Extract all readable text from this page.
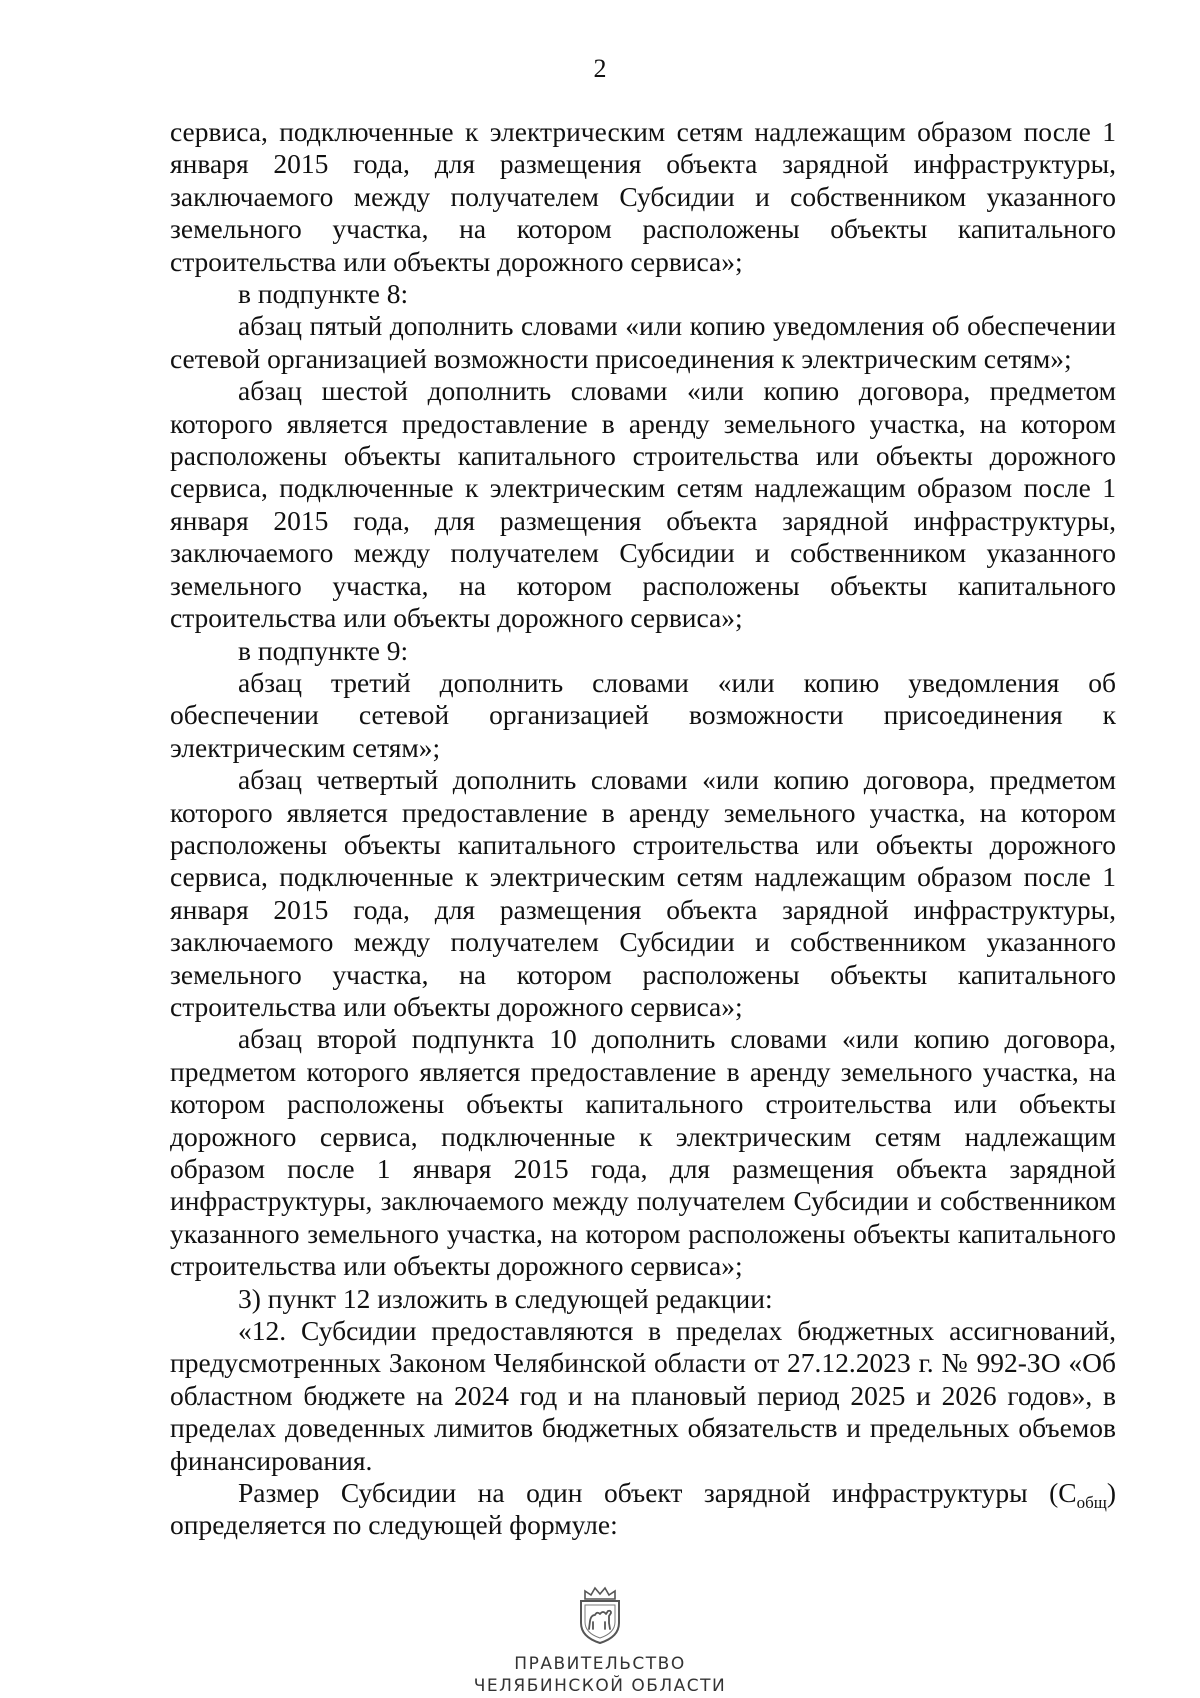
2

сервиса, подключенные к электрическим сетям надлежащим образом после 1 января 2015 года, для размещения объекта зарядной инфраструктуры, заключаемого между получателем Субсидии и собственником указанного земельного участка, на котором расположены объекты капитального строительства или объекты дорожного сервиса»;

в подпункте 8:

абзац пятый дополнить словами «или копию уведомления об обеспечении сетевой организацией возможности присоединения к электрическим сетям»;

абзац шестой дополнить словами «или копию договора, предметом которого является предоставление в аренду земельного участка, на котором расположены объекты капитального строительства или объекты дорожного сервиса, подключенные к электрическим сетям надлежащим образом после 1 января 2015 года, для размещения объекта зарядной инфраструктуры, заключаемого между получателем Субсидии и собственником указанного земельного участка, на котором расположены объекты капитального строительства или объекты дорожного сервиса»;

в подпункте 9:

абзац третий дополнить словами «или копию уведомления об обеспечении сетевой организацией возможности присоединения к электрическим сетям»;

абзац четвертый дополнить словами «или копию договора, предметом которого является предоставление в аренду земельного участка, на котором расположены объекты капитального строительства или объекты дорожного сервиса, подключенные к электрическим сетям надлежащим образом после 1 января 2015 года, для размещения объекта зарядной инфраструктуры, заключаемого между получателем Субсидии и собственником указанного земельного участка, на котором расположены объекты капитального строительства или объекты дорожного сервиса»;

абзац второй подпункта 10 дополнить словами «или копию договора, предметом которого является предоставление в аренду земельного участка, на котором расположены объекты капитального строительства или объекты дорожного сервиса, подключенные к электрическим сетям надлежащим образом после 1 января 2015 года, для размещения объекта зарядной инфраструктуры, заключаемого между получателем Субсидии и собственником указанного земельного участка, на котором расположены объекты капитального строительства или объекты дорожного сервиса»;

3) пункт 12 изложить в следующей редакции:

«12. Субсидии предоставляются в пределах бюджетных ассигнований, предусмотренных Законом Челябинской области от 27.12.2023 г. № 992-ЗО «Об областном бюджете на 2024 год и на плановый период 2025 и 2026 годов», в пределах доведенных лимитов бюджетных обязательств и предельных объемов финансирования.

Размер Субсидии на один объект зарядной инфраструктуры $(С_{общ})$ определяется по следующей формуле:

ПРАВИТЕЛЬСТВО
ЧЕЛЯБИНСКОЙ ОБЛАСТИ
